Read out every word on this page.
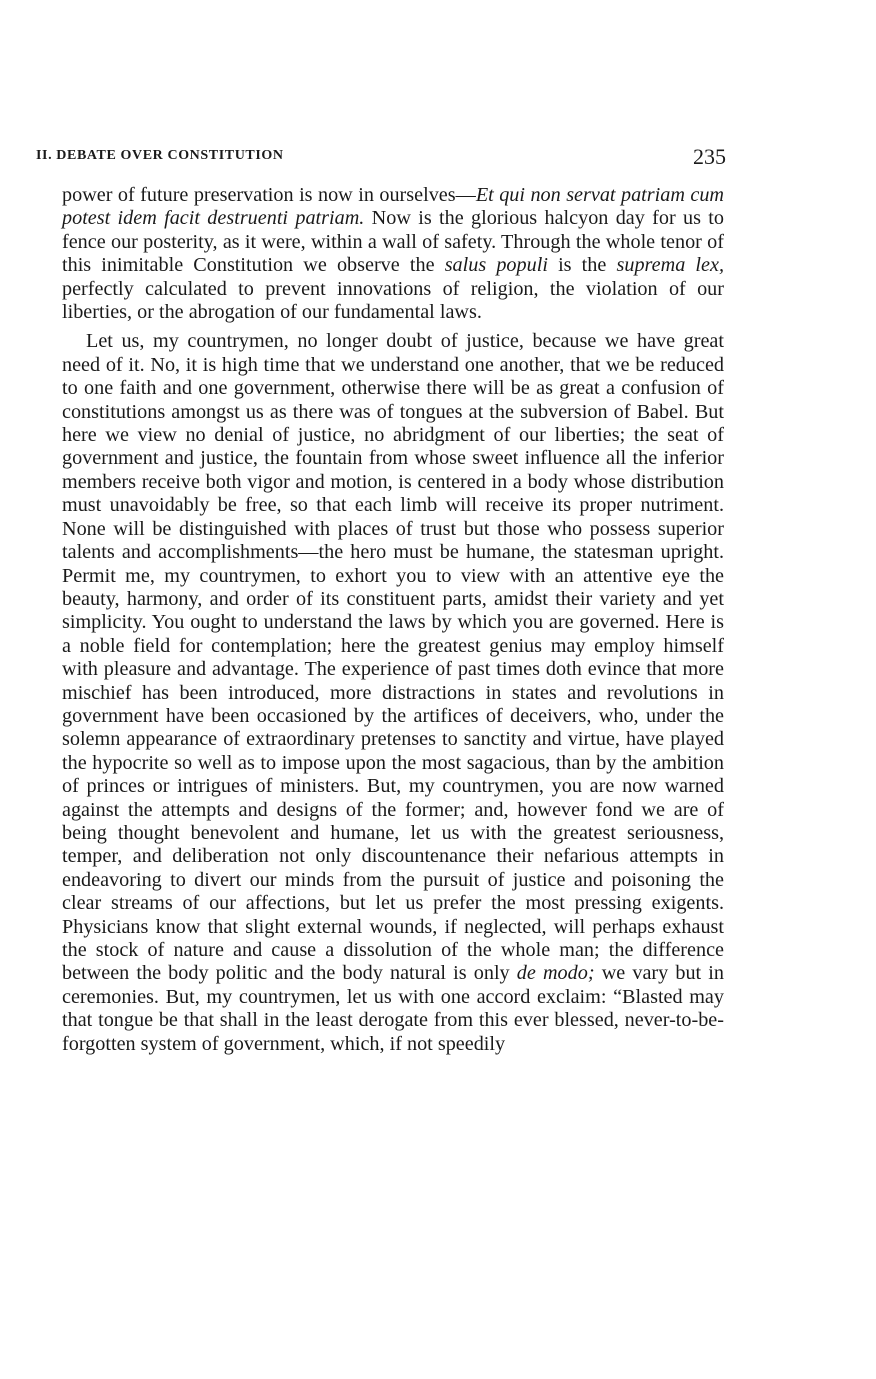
II. DEBATE OVER CONSTITUTION	235

power of future preservation is now in ourselves—Et qui non servat patriam cum potest idem facit destruenti patriam. Now is the glorious halcyon day for us to fence our posterity, as it were, within a wall of safety. Through the whole tenor of this inimitable Constitution we observe the salus populi is the suprema lex, perfectly calculated to prevent innovations of religion, the violation of our liberties, or the abrogation of our fundamental laws.

Let us, my countrymen, no longer doubt of justice, because we have great need of it. No, it is high time that we understand one another, that we be reduced to one faith and one government, otherwise there will be as great a confusion of constitutions amongst us as there was of tongues at the subversion of Babel. But here we view no denial of justice, no abridgment of our liberties; the seat of government and justice, the fountain from whose sweet influence all the inferior members receive both vigor and motion, is centered in a body whose distribution must unavoidably be free, so that each limb will receive its proper nutriment. None will be distinguished with places of trust but those who possess superior talents and accomplishments—the hero must be humane, the statesman upright. Permit me, my countrymen, to exhort you to view with an attentive eye the beauty, harmony, and order of its constituent parts, amidst their variety and yet simplicity. You ought to understand the laws by which you are governed. Here is a noble field for contemplation; here the greatest genius may employ himself with pleasure and advantage. The experience of past times doth evince that more mischief has been introduced, more distractions in states and revolutions in government have been occasioned by the artifices of deceivers, who, under the solemn appearance of extraordinary pretenses to sanctity and virtue, have played the hypocrite so well as to impose upon the most sagacious, than by the ambition of princes or intrigues of ministers. But, my countrymen, you are now warned against the attempts and designs of the former; and, however fond we are of being thought benevolent and humane, let us with the greatest seriousness, temper, and deliberation not only discountenance their nefarious attempts in endeavoring to divert our minds from the pursuit of justice and poisoning the clear streams of our affections, but let us prefer the most pressing exigents. Physicians know that slight external wounds, if neglected, will perhaps exhaust the stock of nature and cause a dissolution of the whole man; the difference between the body politic and the body natural is only de modo; we vary but in ceremonies. But, my countrymen, let us with one accord exclaim: “Blasted may that tongue be that shall in the least derogate from this ever blessed, never-to-be-forgotten system of government, which, if not speedily
